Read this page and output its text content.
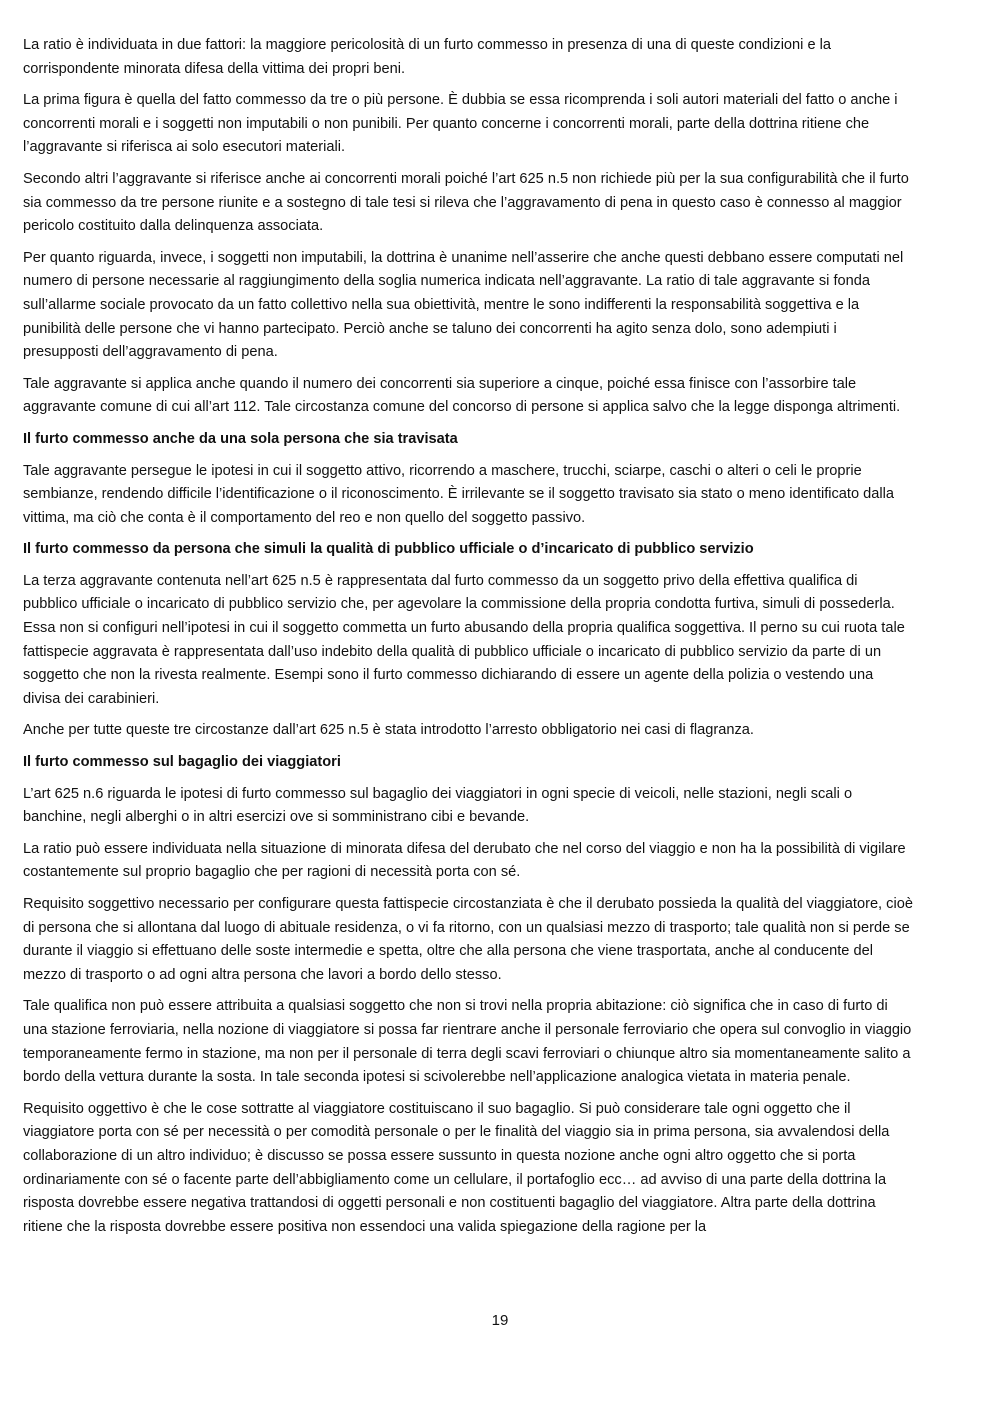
La ratio è individuata in due fattori: la maggiore pericolosità di un furto commesso in presenza di una di queste condizioni e la corrispondente minorata difesa della vittima dei propri beni.

La prima figura è quella del fatto commesso da tre o più persone. È dubbia se essa ricomprenda i soli autori materiali del fatto o anche i concorrenti morali e i soggetti non imputabili o non punibili. Per quanto concerne i concorrenti morali, parte della dottrina ritiene che l’aggravante si riferisca ai solo esecutori materiali.

Secondo altri l’aggravante si riferisce anche ai concorrenti morali poiché l’art 625 n.5 non richiede più per la sua configurabilità che il furto sia commesso da tre persone riunite e a sostegno di tale tesi si rileva che l’aggravamento di pena in questo caso è connesso al maggior pericolo costituito dalla delinquenza associata.

Per quanto riguarda, invece, i soggetti non imputabili, la dottrina è unanime nell’asserire che anche questi debbano essere computati nel numero di persone necessarie al raggiungimento della soglia numerica indicata nell’aggravante. La ratio di tale aggravante si fonda sull’allarme sociale provocato da un fatto collettivo nella sua obiettività, mentre le sono indifferenti la responsabilità soggettiva e la punibilità delle persone che vi hanno partecipato. Perciò anche se taluno dei concorrenti ha agito senza dolo, sono adempiuti i presupposti dell’aggravamento di pena.

Tale aggravante si applica anche quando il numero dei concorrenti sia superiore a cinque, poiché essa finisce con l’assorbire tale aggravante comune di cui all’art 112. Tale circostanza comune del concorso di persone si applica salvo che la legge disponga altrimenti.

Il furto commesso anche da una sola persona che sia travisata

Tale aggravante persegue le ipotesi in cui il soggetto attivo, ricorrendo a maschere, trucchi, sciarpe, caschi o alteri o celi le proprie sembianze, rendendo difficile l’identificazione o il riconoscimento. È irrilevante se il soggetto travisato sia stato o meno identificato dalla vittima, ma ciò che conta è il comportamento del reo e non quello del soggetto passivo.

Il furto commesso da persona che simuli la qualità di pubblico ufficiale o d’incaricato di pubblico servizio

La terza aggravante contenuta nell’art 625 n.5 è rappresentata dal furto commesso da un soggetto privo della effettiva qualifica di pubblico ufficiale o incaricato di pubblico servizio che, per agevolare la commissione della propria condotta furtiva, simuli di possederla. Essa non si configuri nell’ipotesi in cui il soggetto commetta un furto abusando della propria qualifica soggettiva. Il perno su cui ruota tale fattispecie aggravata è rappresentata dall’uso indebito della qualità di pubblico ufficiale o incaricato di pubblico servizio da parte di un soggetto che non la rivesta realmente. Esempi sono il furto commesso dichiarando di essere un agente della polizia o vestendo una divisa dei carabinieri.

Anche per tutte queste tre circostanze dall’art 625 n.5 è stata introdotto l’arresto obbligatorio nei casi di flagranza.

Il furto commesso sul bagaglio dei viaggiatori

L’art 625 n.6 riguarda le ipotesi di furto commesso sul bagaglio dei viaggiatori in ogni specie di veicoli, nelle stazioni, negli scali o banchine, negli alberghi o in altri esercizi ove si somministrano cibi e bevande.

La ratio può essere individuata nella situazione di minorata difesa del derubato che nel corso del viaggio e non ha la possibilità di vigilare costantemente sul proprio bagaglio che per ragioni di necessità porta con sé.

Requisito soggettivo necessario per configurare questa fattispecie circostanziata è che il derubato possieda la qualità del viaggiatore, cioè di persona che si allontana dal luogo di abituale residenza, o vi fa ritorno, con un qualsiasi mezzo di trasporto; tale qualità non si perde se durante il viaggio si effettuano delle soste intermedie e spetta, oltre che alla persona che viene trasportata, anche al conducente del mezzo di trasporto o ad ogni altra persona che lavori a bordo dello stesso.

Tale qualifica non può essere attribuita a qualsiasi soggetto che non si trovi nella propria abitazione: ciò significa che in caso di furto di una stazione ferroviaria, nella nozione di viaggiatore si possa far rientrare anche il personale ferroviario che opera sul convoglio in viaggio temporaneamente fermo in stazione, ma non per il personale di terra degli scavi ferroviari o chiunque altro sia momentaneamente salito a bordo della vettura durante la sosta. In tale seconda ipotesi si scivolerebbe nell’applicazione analogica vietata in materia penale.

Requisito oggettivo è che le cose sottratte al viaggiatore costituiscano il suo bagaglio. Si può considerare tale ogni oggetto che il viaggiatore porta con sé per necessità o per comodità personale o per le finalità del viaggio sia in prima persona, sia avvalendosi della collaborazione di un altro individuo; è discusso se possa essere sussunto in questa nozione anche ogni altro oggetto che si porta ordinariamente con sé o facente parte dell’abbigliamento come un cellulare, il portafoglio ecc… ad avviso di una parte della dottrina la risposta dovrebbe essere negativa trattandosi di oggetti personali e non costituenti bagaglio del viaggiatore. Altra parte della dottrina ritiene che la risposta dovrebbe essere positiva non essendoci una valida spiegazione della ragione per la

19
